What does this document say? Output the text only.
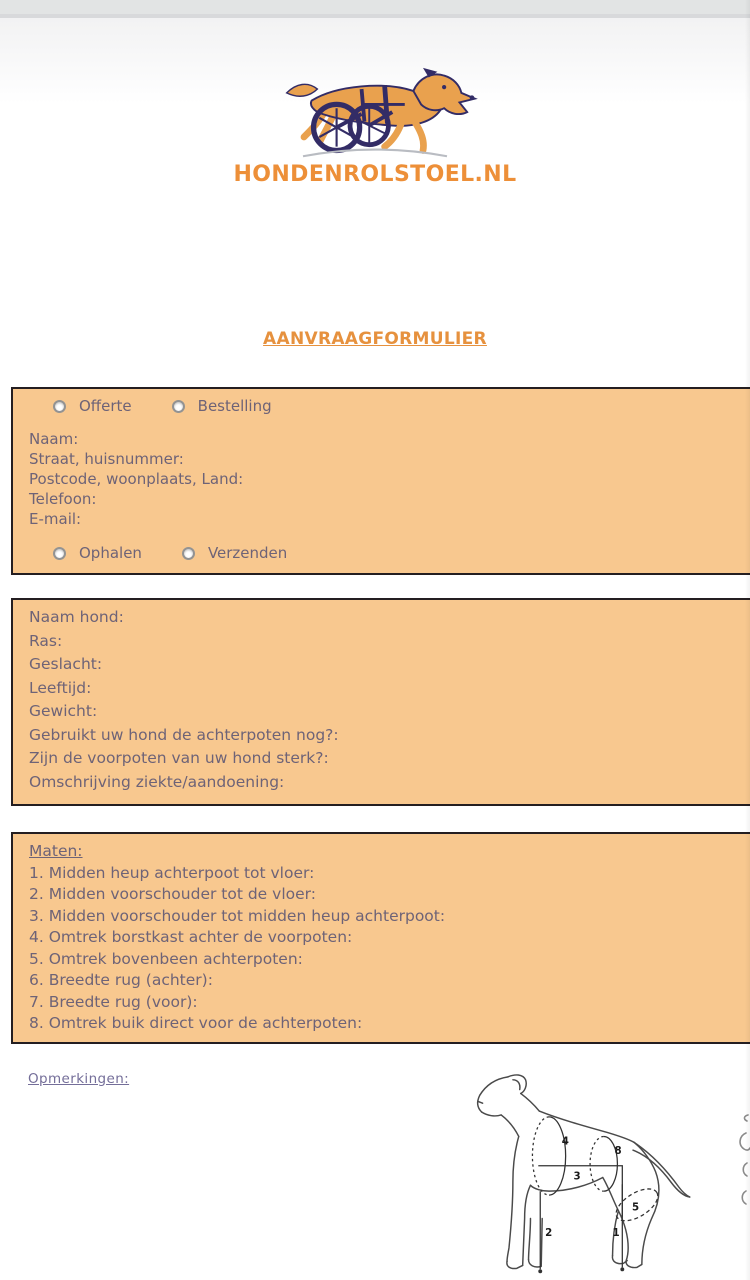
HONDENROLSTOEL.NL
AANVRAAGFORMULIER
Offerte	Bestelling
Naam:
Straat, huisnummer:
Postcode, woonplaats, Land:
Telefoon:
E-mail:
Ophalen	Verzenden
Naam hond:
Ras:
Geslacht:
Leeftijd:
Gewicht:
Gebruikt uw hond de achterpoten nog?:
Zijn de voorpoten van uw hond sterk?:
Omschrijving ziekte/aandoening:
Maten:
1. Midden heup achterpoot tot vloer:
2. Midden voorschouder tot de vloer:
3. Midden voorschouder tot midden heup achterpoot:
4. Omtrek borstkast achter de voorpoten:
5. Omtrek bovenbeen achterpoten:
6. Breedte rug (achter):
7. Breedte rug (voor):
8. Omtrek buik direct voor de achterpoten:
Opmerkingen:
4
8
3
5
2	1
